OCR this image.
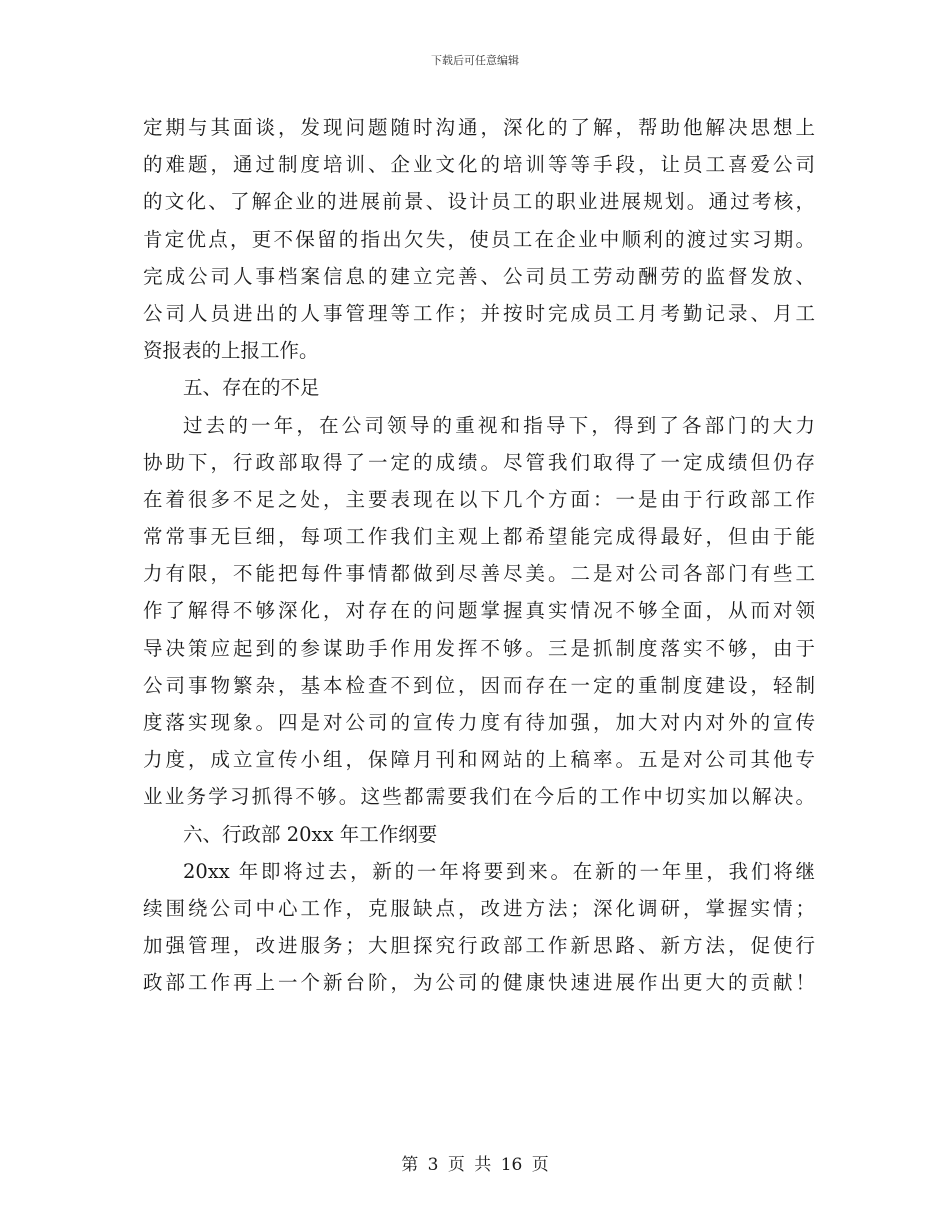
下载后可任意编辑
定期与其面谈，发现问题随时沟通，深化的了解，帮助他解决思想上
的难题，通过制度培训、企业文化的培训等等手段，让员工喜爱公司
的文化、了解企业的进展前景、设计员工的职业进展规划。通过考核，
肯定优点，更不保留的指出欠失，使员工在企业中顺利的渡过实习期。
完成公司人事档案信息的建立完善、公司员工劳动酬劳的监督发放、
公司人员进出的人事管理等工作；并按时完成员工月考勤记录、月工
资报表的上报工作。
五、存在的不足
过去的一年，在公司领导的重视和指导下，得到了各部门的大力
协助下，行政部取得了一定的成绩。尽管我们取得了一定成绩但仍存
在着很多不足之处，主要表现在以下几个方面：一是由于行政部工作
常常事无巨细，每项工作我们主观上都希望能完成得最好，但由于能
力有限，不能把每件事情都做到尽善尽美。二是对公司各部门有些工
作了解得不够深化，对存在的问题掌握真实情况不够全面，从而对领
导决策应起到的参谋助手作用发挥不够。三是抓制度落实不够，由于
公司事物繁杂，基本检查不到位，因而存在一定的重制度建设，轻制
度落实现象。四是对公司的宣传力度有待加强，加大对内对外的宣传
力度，成立宣传小组，保障月刊和网站的上稿率。五是对公司其他专
业业务学习抓得不够。这些都需要我们在今后的工作中切实加以解决。
六、行政部 20xx 年工作纲要
20xx 年即将过去，新的一年将要到来。在新的一年里，我们将继
续围绕公司中心工作，克服缺点，改进方法；深化调研，掌握实情；
加强管理，改进服务；大胆探究行政部工作新思路、新方法，促使行
政部工作再上一个新台阶，为公司的健康快速进展作出更大的贡献！
第 3 页 共 16 页
